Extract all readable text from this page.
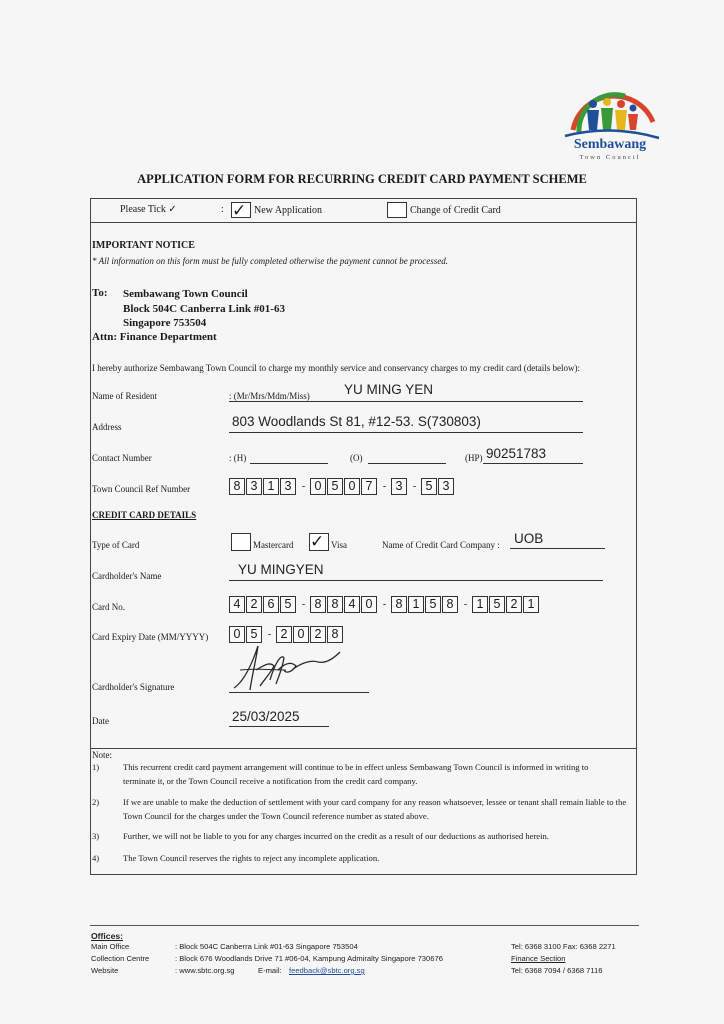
Sembawang
Town Council
APPLICATION FORM FOR RECURRING CREDIT CARD PAYMENT SCHEME
Please Tick ✓	: ✓ New Application	Change of Credit Card
IMPORTANT NOTICE
* All information on this form must be fully completed otherwise the payment cannot be processed.
To: Sembawang Town Council
Block 504C Canberra Link #01-63
Singapore 753504
Attn: Finance Department
I hereby authorize Sembawang Town Council to charge my monthly service and conservancy charges to my credit card (details below):
Name of Resident	: (Mr/Mrs/Mdm/Miss)	YU MING YEN
Address	803 Woodlands St 81, #12-53. S(730803)
Contact Number	: (H)	(O)	(HP) 90251783
Town Council Ref Number	8 3 1 3	- 0 5 0 7	- 3	- 5 3
CREDIT CARD DETAILS
Type of Card	Mastercard ✓ Visa	Name of Credit Card Company : UOB
Cardholder's Name	YU MINGYEN
Card No.	4 2 6 5	- 8 8 4 0	- 8 1 5 8	- 1 5 2 1
Card Expiry Date (MM/YYYY)	0 5	- 2 0 2 8
Cardholder's Signature
Date	25/03/2025
Note:
1)	This recurrent credit card payment arrangement will continue to be in effect unless Sembawang Town Council is informed in writing to terminate it, or the Town Council receive a notification from the credit card company.
2)	If we are unable to make the deduction of settlement with your card company for any reason whatsoever, lessee or tenant shall remain liable to the Town Council for the charges under the Town Council reference number as stated above.
3)	Further, we will not be liable to you for any charges incurred on the credit as a result of our deductions as authorised herein.
4)	The Town Council reserves the rights to reject any incomplete application.
Offices:
Main Office	: Block 504C Canberra Link #01-63 Singapore 753504	Tel: 6368 3100 Fax: 6368 2271
Collection Centre	: Block 676 Woodlands Drive 71 #06-04, Kampung Admiralty Singapore 730676	Finance Section
Website	: www.sbtc.org.sg	E-mail: feedback@sbtc.org.sg	Tel: 6368 7094 / 6368 7116
